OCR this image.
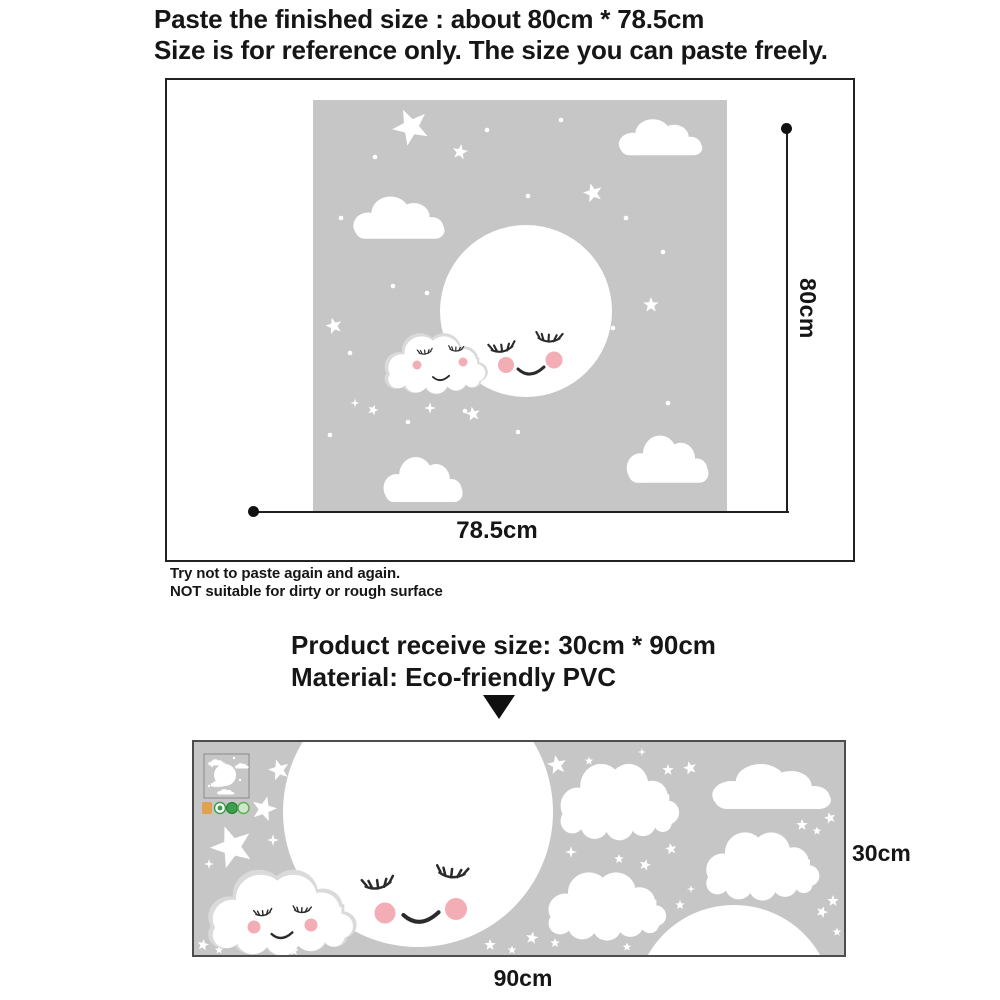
Paste the finished size : about 80cm * 78.5cm
Size is for reference only. The size you can paste freely.
80cm
78.5cm
Try not to paste again and again.
NOT suitable for dirty or rough surface
Product receive size: 30cm * 90cm
Material: Eco-friendly PVC
30cm
90cm
